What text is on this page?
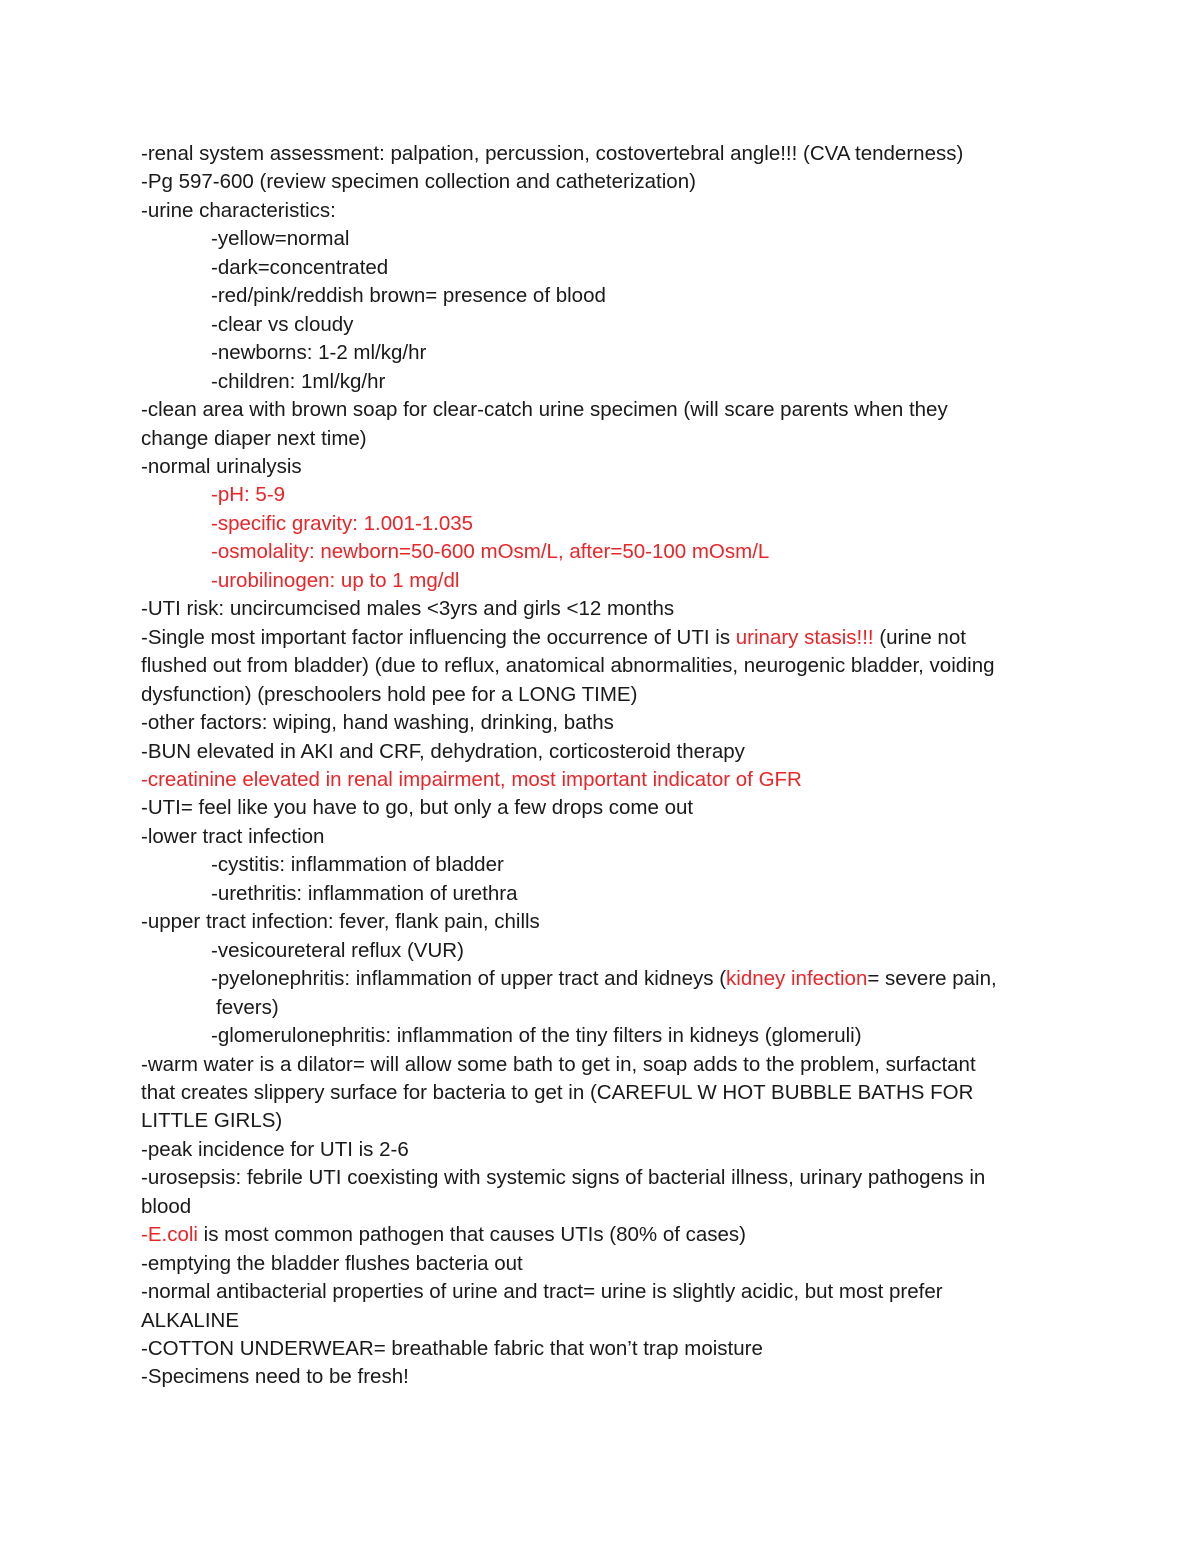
-renal system assessment: palpation, percussion, costovertebral angle!!! (CVA tenderness)

-Pg 597-600 (review specimen collection and catheterization)

-urine characteristics:

-yellow=normal

-dark=concentrated

-red/pink/reddish brown= presence of blood

-clear vs cloudy

-newborns: 1-2 ml/kg/hr

-children: 1ml/kg/hr

-clean area with brown soap for clear-catch urine specimen (will scare parents when they

change diaper next time)

-normal urinalysis

-pH: 5-9

-specific gravity: 1.001-1.035

-osmolality: newborn=50-600 mOsm/L, after=50-100 mOsm/L

-urobilinogen: up to 1 mg/dl

-UTI risk: uncircumcised males <3yrs and girls <12 months

-Single most important factor influencing the occurrence of UTI is urinary stasis!!! (urine not

flushed out from bladder) (due to reflux, anatomical abnormalities, neurogenic bladder, voiding

dysfunction) (preschoolers hold pee for a LONG TIME)

-other factors: wiping, hand washing, drinking, baths

-BUN elevated in AKI and CRF, dehydration, corticosteroid therapy

-creatinine elevated in renal impairment, most important indicator of GFR

-UTI= feel like you have to go, but only a few drops come out

-lower tract infection

-cystitis: inflammation of bladder

-urethritis: inflammation of urethra

-upper tract infection: fever, flank pain, chills

-vesicoureteral reflux (VUR)

-pyelonephritis: inflammation of upper tract and kidneys (kidney infection= severe pain,

fevers)

-glomerulonephritis: inflammation of the tiny filters in kidneys (glomeruli)

-warm water is a dilator= will allow some bath to get in, soap adds to the problem, surfactant

that creates slippery surface for bacteria to get in (CAREFUL W HOT BUBBLE BATHS FOR

LITTLE GIRLS)

-peak incidence for UTI is 2-6

-urosepsis: febrile UTI coexisting with systemic signs of bacterial illness, urinary pathogens in

blood

-E.coli is most common pathogen that causes UTIs (80% of cases)

-emptying the bladder flushes bacteria out

-normal antibacterial properties of urine and tract= urine is slightly acidic, but most prefer

ALKALINE

-COTTON UNDERWEAR= breathable fabric that won’t trap moisture

-Specimens need to be fresh!
